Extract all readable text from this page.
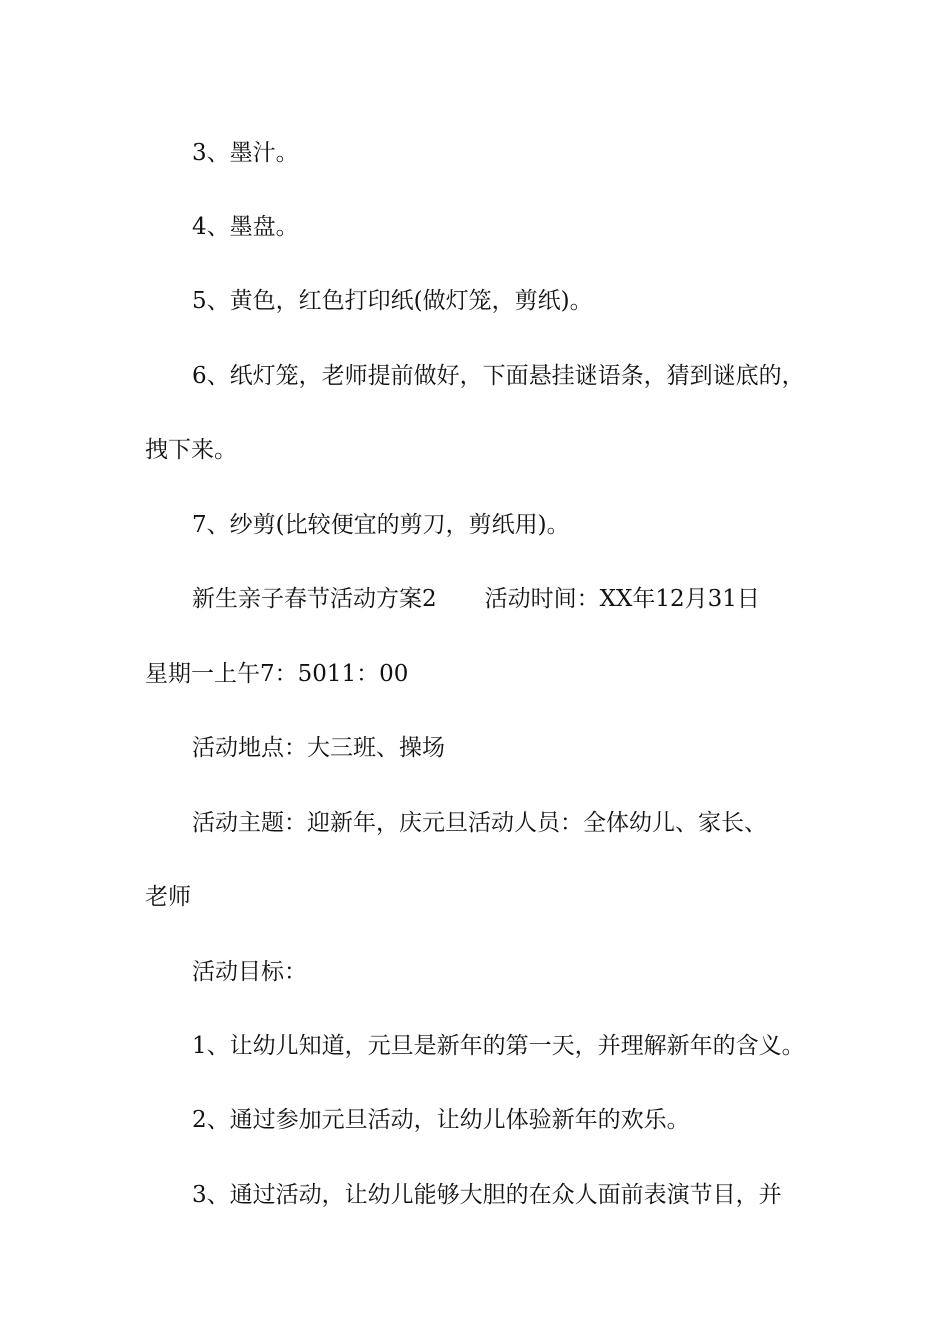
3、墨汁。

4、墨盘。

5、黄色，红色打印纸(做灯笼，剪纸)。

6、纸灯笼，老师提前做好，下面悬挂谜语条，猜到谜底的，

拽下来。

7、纱剪(比较便宜的剪刀，剪纸用)。

新生亲子春节活动方案2 活动时间：XX年12月31日

星期一上午7：5011：00

活动地点：大三班、操场

活动主题：迎新年，庆元旦活动人员：全体幼儿、家长、

老师

活动目标：

1、让幼儿知道，元旦是新年的第一天，并理解新年的含义。

2、通过参加元旦活动，让幼儿体验新年的欢乐。

3、通过活动，让幼儿能够大胆的在众人面前表演节目，并
